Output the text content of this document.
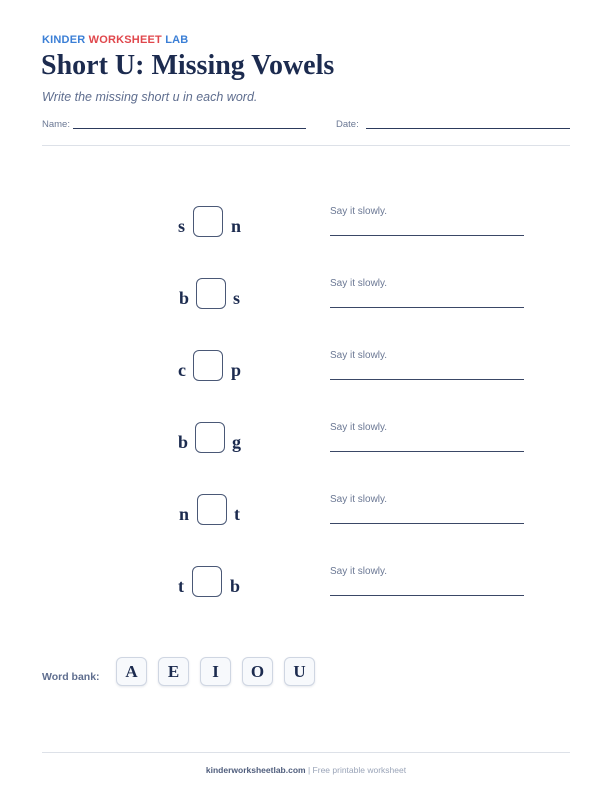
KINDER WORKSHEET LAB
Short U: Missing Vowels
Write the missing short u in each word.
Name:	Date:
s	n
Say it slowly.
b s
Say it slowly.
c	p
Say it slowly.
b g
Say it slowly.
n t
Say it slowly.
t	b
Say it slowly.
Word bank:	A	E	I	O	U
kinderworksheetlab.com | Free printable worksheet
